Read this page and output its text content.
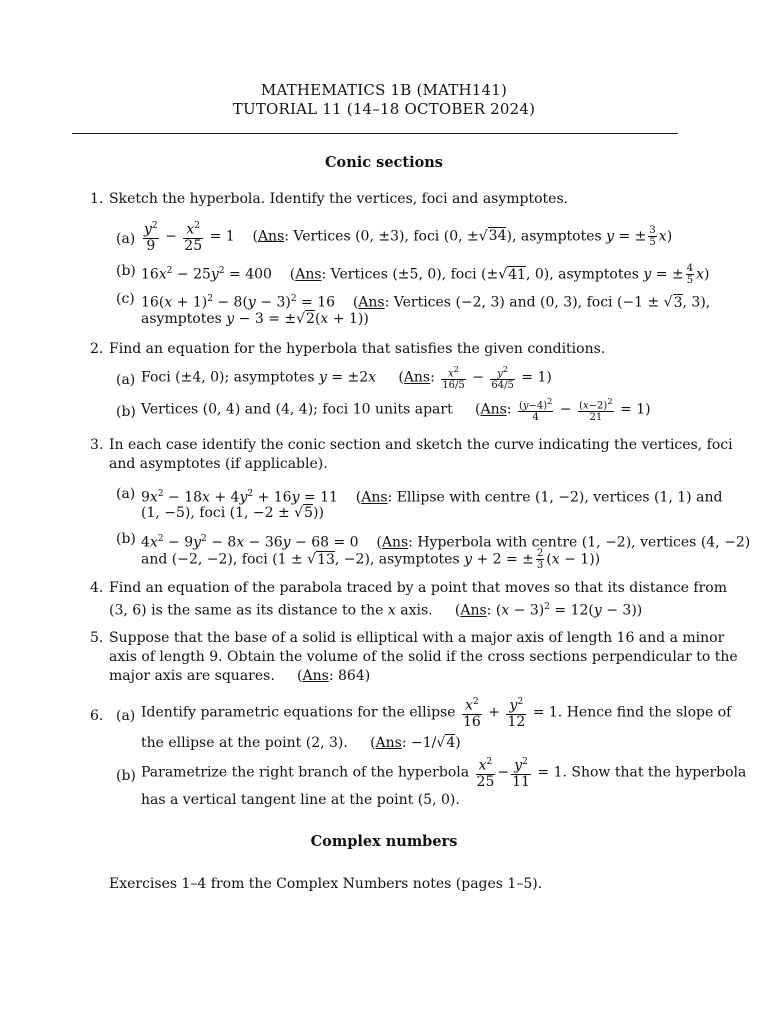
MATHEMATICS 1B (MATH141)
TUTORIAL 11 (14–18 OCTOBER 2024)
Conic sections
1. Sketch the hyperbola. Identify the vertices, foci and asymptotes.
$(a) \frac{y^2}{9} - \frac{x^2}{25} = 1$    (Ans: Vertices (0, ±3), foci (0, ±√34), asymptotes y = ± $\frac{3}{5} x$)
(b) $16x^2 - 25y^2 = 400$    (Ans: Vertices (±5, 0), foci (±√41, 0), asymptotes y = ± $\frac{4}{5} x$)
(c) $16(x + 1)^2 - 8(y - 3)^2 = 16$    (Ans: Vertices (−2, 3) and (0, 3), foci (−1 ± √3, 3),
asymptotes y − 3 = ±√2(x + 1))
2. Find an equation for the hyperbola that satisfies the given conditions.
(a) Foci (±4, 0); asymptotes y = ±2x     (Ans: $\frac{x^2}{16/5} - \frac{y^2}{64/5} = 1$)
(b) Vertices (0, 4) and (4, 4); foci 10 units apart     (Ans: $\frac{(y-4)^2}{4} - \frac{(x-2)^2}{21} = 1$)
3. In each case identify the conic section and sketch the curve indicating the vertices, foci
and asymptotes (if applicable).
(a) $9x^2 - 18x + 4y^2 + 16y = 11$    (Ans: Ellipse with centre (1, −2), vertices (1, 1) and
(1, −5), foci (1, −2 ± √5))
(b) $4x^2 - 9y^2 - 8x - 36y - 68 = 0$    (Ans: Hyperbola with centre (1, −2), vertices (4, −2)
and (−2, −2), foci (1 ± √13, −2), asymptotes y + 2 = ± $\frac{2}{3} (x - 1)$)
4. Find an equation of the parabola traced by a point that moves so that its distance from
(3, 6) is the same as its distance to the x axis.     (Ans: $(x - 3)^2 = 12(y - 3)$)
5. Suppose that the base of a solid is elliptical with a major axis of length 16 and a minor
axis of length 9. Obtain the volume of the solid if the cross sections perpendicular to the
major axis are squares.     (Ans: 864)
6. (a) Identify parametric equations for the ellipse $\frac{x^2}{16} + \frac{y^2}{12} = 1$. Hence find the slope of
the ellipse at the point (2, 3).     (Ans: −1/√4)
(b) Parametrize the right branch of the hyperbola $\frac{x^2}{25} - \frac{y^2}{11} = 1$. Show that the hyperbola
has a vertical tangent line at the point (5, 0).
Complex numbers
Exercises 1–4 from the Complex Numbers notes (pages 1–5).
